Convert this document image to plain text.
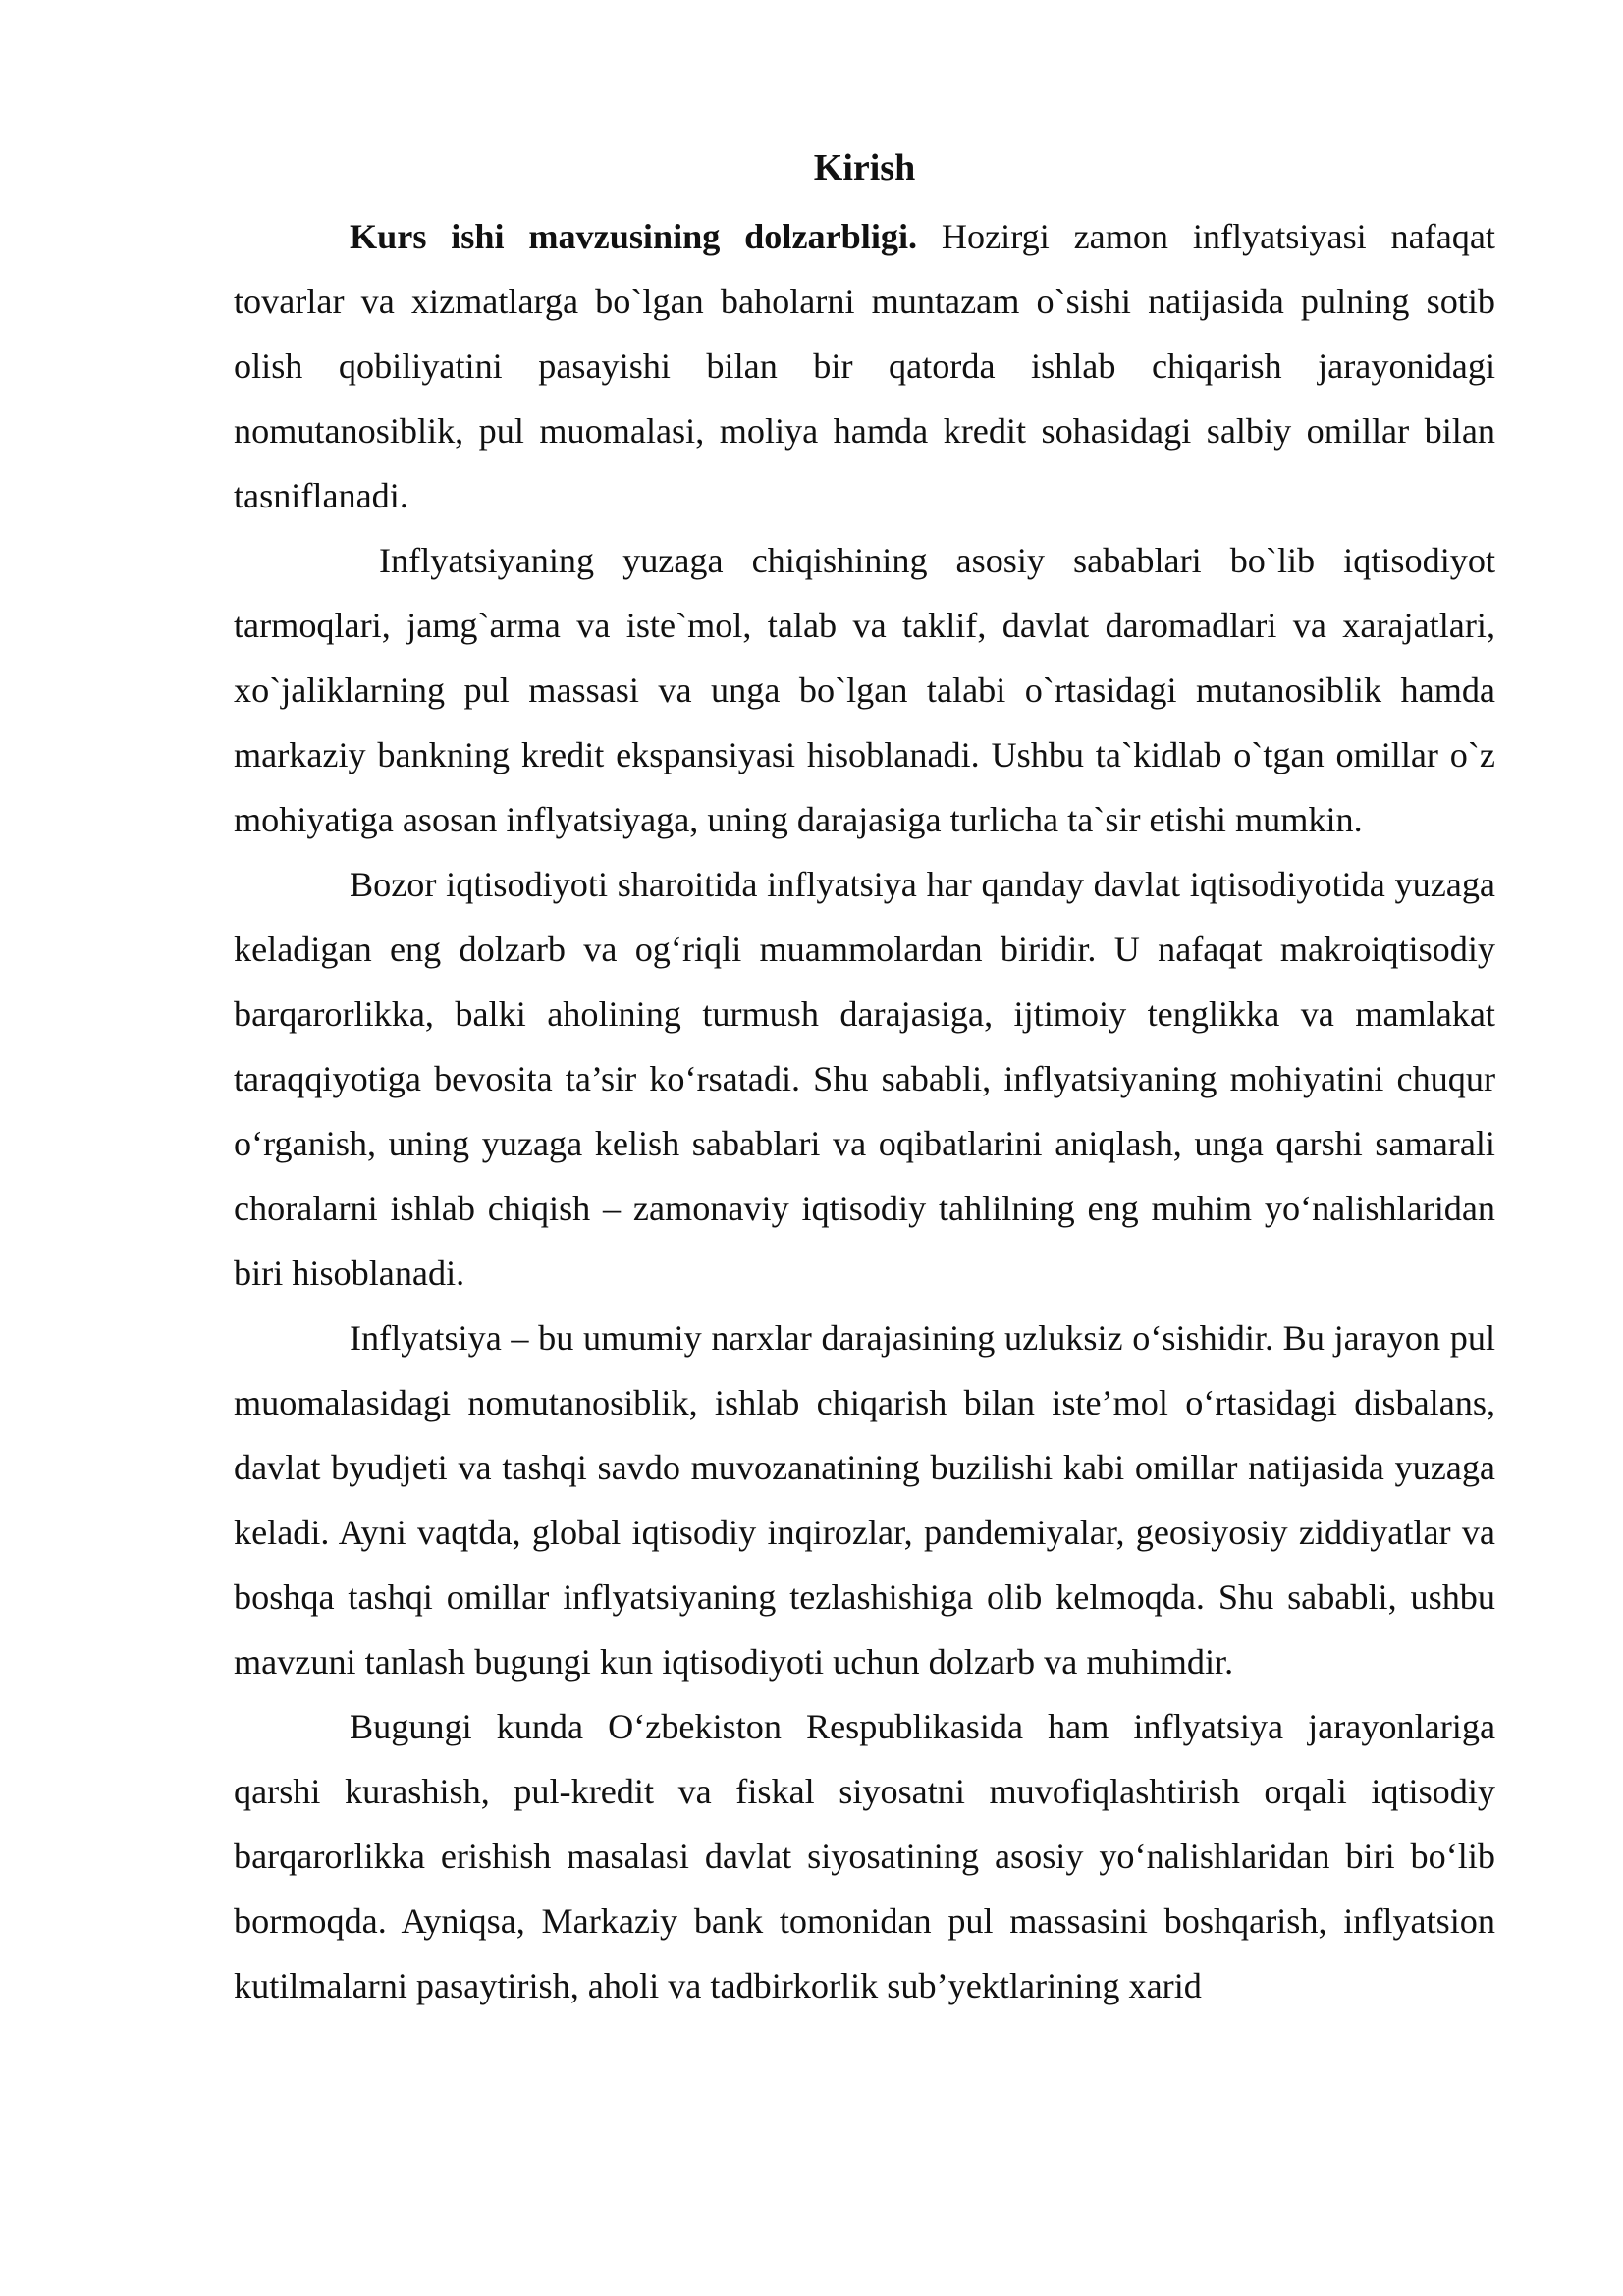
Kirish

Kurs ishi mavzusining dolzarbligi. Hozirgi zamon inflyatsiyasi nafaqat tovarlar va xizmatlarga bo`lgan baholarni muntazam o`sishi natijasida pulning sotib olish qobiliyatini pasayishi bilan bir qatorda ishlab chiqarish jarayonidagi nomutanosiblik, pul muomalasi, moliya hamda kredit sohasidagi salbiy omillar bilan tasniflanadi.

Inflyatsiyaning yuzaga chiqishining asosiy sabablari bo`lib iqtisodiyot tarmoqlari, jamg`arma va iste`mol, talab va taklif, davlat daromadlari va xarajatlari, xo`jaliklarning pul massasi va unga bo`lgan talabi o`rtasidagi mutanosiblik hamda markaziy bankning kredit ekspansiyasi hisoblanadi. Ushbu ta`kidlab o`tgan omillar o`z mohiyatiga asosan inflyatsiyaga, uning darajasiga turlicha ta`sir etishi mumkin.

Bozor iqtisodiyoti sharoitida inflyatsiya har qanday davlat iqtisodiyotida yuzaga keladigan eng dolzarb va og‘riqli muammolardan biridir. U nafaqat makroiqtisodiy barqarorlikka, balki aholining turmush darajasiga, ijtimoiy tenglikka va mamlakat taraqqiyotiga bevosita ta’sir ko‘rsatadi. Shu sababli, inflyatsiyaning mohiyatini chuqur o‘rganish, uning yuzaga kelish sabablari va oqibatlarini aniqlash, unga qarshi samarali choralarni ishlab chiqish – zamonaviy iqtisodiy tahlilning eng muhim yo‘nalishlaridan biri hisoblanadi.

Inflyatsiya – bu umumiy narxlar darajasining uzluksiz o‘sishidir. Bu jarayon pul muomalasidagi nomutanosiblik, ishlab chiqarish bilan iste’mol o‘rtasidagi disbalans, davlat byudjeti va tashqi savdo muvozanatining buzilishi kabi omillar natijasida yuzaga keladi. Ayni vaqtda, global iqtisodiy inqirozlar, pandemiyalar, geosiyosiy ziddiyatlar va boshqa tashqi omillar inflyatsiyaning tezlashishiga olib kelmoqda. Shu sababli, ushbu mavzuni tanlash bugungi kun iqtisodiyoti uchun dolzarb va muhimdir.

Bugungi kunda O‘zbekiston Respublikasida ham inflyatsiya jarayonlariga qarshi kurashish, pul-kredit va fiskal siyosatni muvofiqlashtirish orqali iqtisodiy barqarorlikka erishish masalasi davlat siyosatining asosiy yo‘nalishlaridan biri bo‘lib bormoqda. Ayniqsa, Markaziy bank tomonidan pul massasini boshqarish, inflyatsion kutilmalarni pasaytirish, aholi va tadbirkorlik sub’yektlarining xarid
